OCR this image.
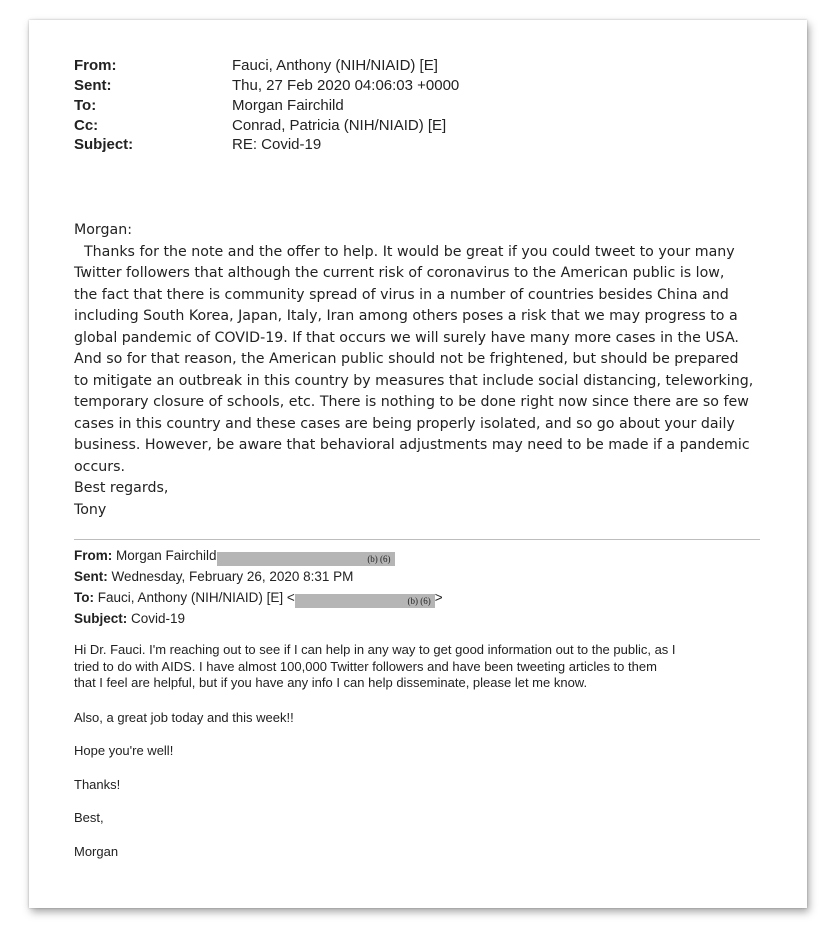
From:	Fauci, Anthony (NIH/NIAID) [E]
Sent:	Thu, 27 Feb 2020 04:06:03 +0000
To:	Morgan Fairchild
Cc:	Conrad, Patricia (NIH/NIAID) [E]
Subject:	RE: Covid-19
Morgan:
Thanks for the note and the offer to help. It would be great if you could tweet to your many
Twitter followers that although the current risk of coronavirus to the American public is low,
the fact that there is community spread of virus in a number of countries besides China and
including South Korea, Japan, Italy, Iran among others poses a risk that we may progress to a
global pandemic of COVID-19. If that occurs we will surely have many more cases in the USA.
And so for that reason, the American public should not be frightened, but should be prepared
to mitigate an outbreak in this country by measures that include social distancing, teleworking,
temporary closure of schools, etc. There is nothing to be done right now since there are so few
cases in this country and these cases are being properly isolated, and so go about your daily
business. However, be aware that behavioral adjustments may need to be made if a pandemic
occurs.
Best regards,
Tony
From: Morgan Fairchild	(b) (6)
Sent: Wednesday, February 26, 2020 8:31 PM
To: Fauci, Anthony (NIH/NIAID) [E] <	(b) (6) >
Subject: Covid-19
Hi Dr. Fauci. I'm reaching out to see if I can help in any way to get good information out to the public, as I
tried to do with AIDS. I have almost 100,000 Twitter followers and have been tweeting articles to them
that I feel are helpful, but if you have any info I can help disseminate, please let me know.
Also, a great job today and this week!!
Hope you're well!
Thanks!
Best,
Morgan
